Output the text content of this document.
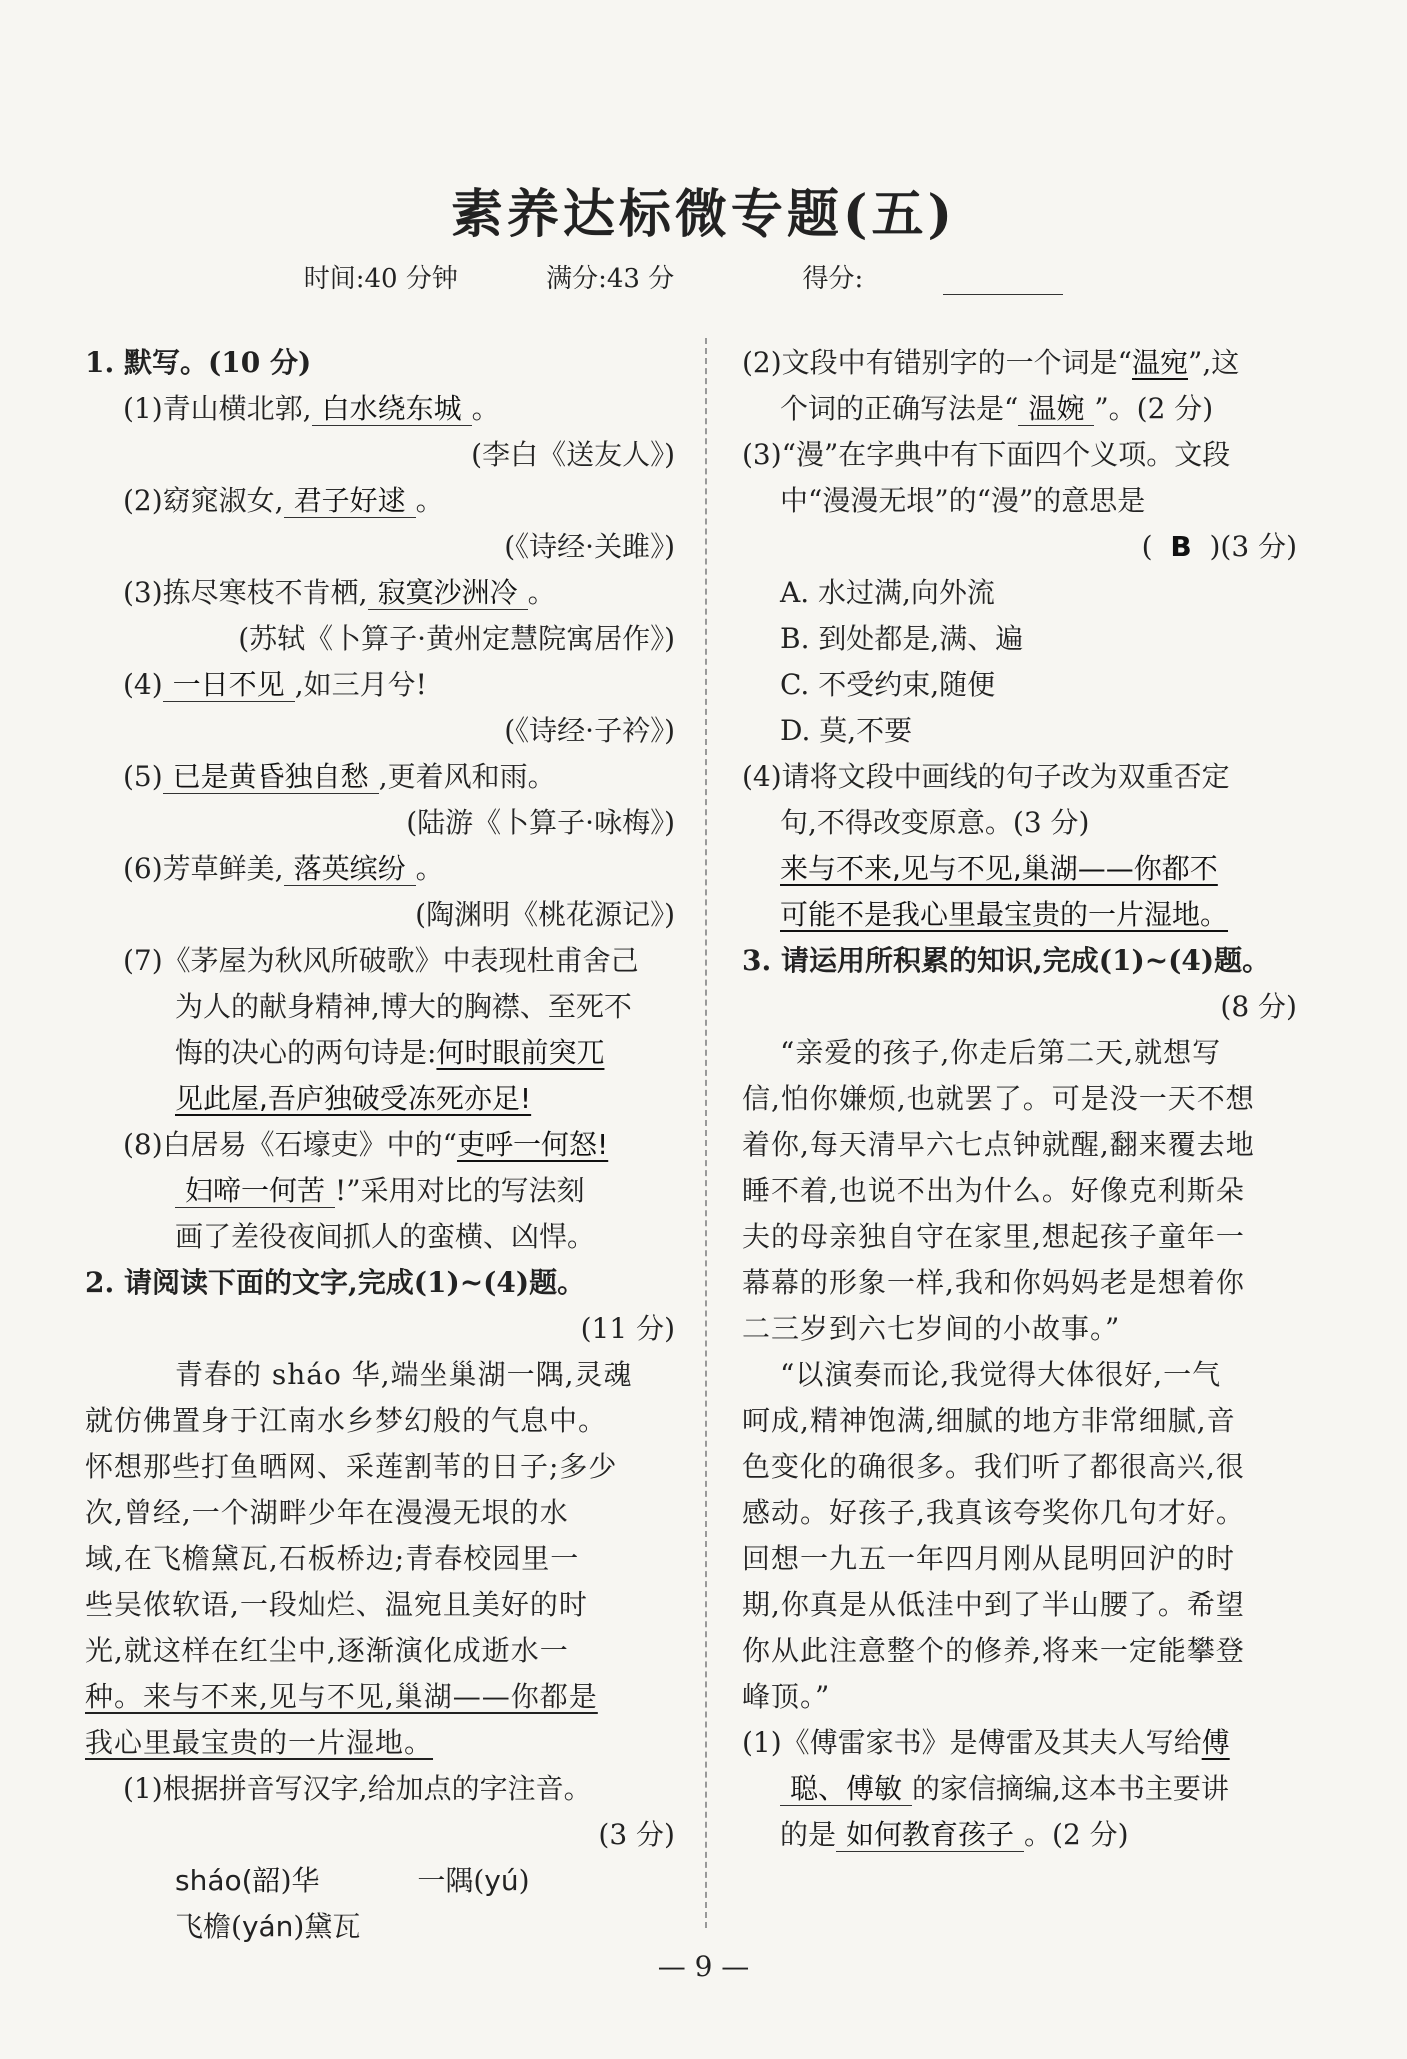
素养达标微专题(五)
时间:40 分钟	满分:43 分	得分:
1. 默写。(10 分)
(1)青山横北郭, 白水绕东城 。
(李白《送友人》)
(2)窈窕淑女, 君子好逑 。
(《诗经·关雎》)
(3)拣尽寒枝不肯栖, 寂寞沙洲冷 。
(苏轼《卜算子·黄州定慧院寓居作》)
(4) 一日不见 ,如三月兮!
(《诗经·子衿》)
(5) 已是黄昏独自愁 ,更着风和雨。
(陆游《卜算子·咏梅》)
(6)芳草鲜美, 落英缤纷 。
(陶渊明《桃花源记》)
(7)《茅屋为秋风所破歌》中表现杜甫舍己
为人的献身精神,博大的胸襟、至死不
悔的决心的两句诗是:何时眼前突兀
见此屋,吾庐独破受冻死亦足!
(8)白居易《石壕吏》中的“吏呼一何怒!
妇啼一何苦 !”采用对比的写法刻
画了差役夜间抓人的蛮横、凶悍。
2. 请阅读下面的文字,完成(1)~(4)题。
(11 分)
青春的 sháo 华,端坐巢湖一隅,灵魂
就仿佛置身于江南水乡梦幻般的气息中。
怀想那些打鱼晒网、采莲割苇的日子;多少
次,曾经,一个湖畔少年在漫漫无垠的水
域,在飞檐黛瓦,石板桥边;青春校园里一
些吴侬软语,一段灿烂、温宛且美好的时
光,就这样在红尘中,逐渐演化成逝水一
种。来与不来,见与不见,巢湖——你都是
我心里最宝贵的一片湿地。
(1)根据拼音写汉字,给加点的字注音。
(3 分)
sháo(韶)华	一隅(yú)
飞檐(yán)黛瓦
(2)文段中有错别字的一个词是“温宛”,这
个词的正确写法是“ 温婉 ”。(2 分)
(3)“漫”在字典中有下面四个义项。文段
中“漫漫无垠”的“漫”的意思是
(  B )(3 分)
A. 水过满,向外流
B. 到处都是,满、遍
C. 不受约束,随便
D. 莫,不要
(4)请将文段中画线的句子改为双重否定
句,不得改变原意。(3 分)
来与不来,见与不见,巢湖——你都不
可能不是我心里最宝贵的一片湿地。
3. 请运用所积累的知识,完成(1)~(4)题。
(8 分)
“亲爱的孩子,你走后第二天,就想写
信,怕你嫌烦,也就罢了。可是没一天不想
着你,每天清早六七点钟就醒,翻来覆去地
睡不着,也说不出为什么。好像克利斯朵
夫的母亲独自守在家里,想起孩子童年一
幕幕的形象一样,我和你妈妈老是想着你
二三岁到六七岁间的小故事。”
“以演奏而论,我觉得大体很好,一气
呵成,精神饱满,细腻的地方非常细腻,音
色变化的确很多。我们听了都很高兴,很
感动。好孩子,我真该夸奖你几句才好。
回想一九五一年四月刚从昆明回沪的时
期,你真是从低洼中到了半山腰了。希望
你从此注意整个的修养,将来一定能攀登
峰顶。”
(1)《傅雷家书》是傅雷及其夫人写给傅
聪、傅敏 的家信摘编,这本书主要讲
的是 如何教育孩子 。(2 分)
— 9 —
